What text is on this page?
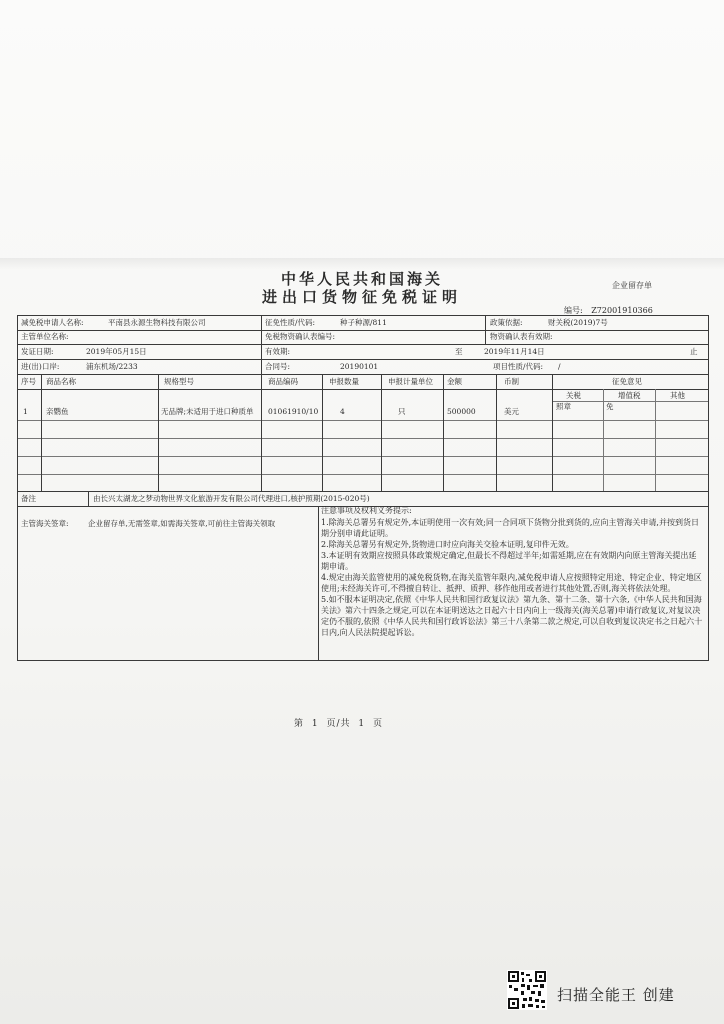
中华人民共和国海关
进出口货物征免税证明
企业留存单
编号: Z72001910366
减免税申请人名称:	平南县永源生物科技有限公司	征免性质/代码:	种子种源/811	政策依据:	财关税(2019)7号
主管单位名称:	免税物资确认表编号:	物资确认表有效期:
发证日期:	2019年05月15日	有效期:	至	2019年11月14日	止
进(出)口岸:	浦东机场/2233	合同号:	20190101	项目性质/代码: /
序号 商品名称	规格型号	商品编码	申报数量	申报计量单位 金额	币制	征免意见
关税	增值税	其他
1 亲鹦鱼	无品牌;未适用于进口种质单 01061910/10	4	只	500000	美元
照章	免
备注	由长兴太湖龙之梦动物世界文化旅游开发有限公司代理进口,核护照期(2015-020号)
主管海关签章:	企业留存单,无需签章,如需海关签章,可前往主管海关领取

注意事项及权利义务提示:

1.除海关总署另有规定外,本证明使用一次有效;同一合同项下货物分批到货的,应向主管海关申请,并按到货日期分别申请此证明。

2.除海关总署另有规定外,货物进口时应向海关交验本证明,复印件无效。

3.本证明有效期应按照具体政策规定确定,但最长不得超过半年;如需延期,应在有效期内向原主管海关提出延期申请。

4.规定由海关监管使用的减免税货物,在海关监管年限内,减免税申请人应按照特定用途、特定企业、特定地区使用;未经海关许可,不得擅自转让、抵押、质押、移作他用或者进行其他处置,否则,海关将依法处理。

5.如不服本证明决定,依照《中华人民共和国行政复议法》第九条、第十二条、第十六条,《中华人民共和国海关法》第六十四条之规定,可以在本证明送达之日起六十日内向上一级海关(海关总署)申请行政复议,对复议决定仍不服的,依照《中华人民共和国行政诉讼法》第三十八条第二款之规定,可以自收到复议决定书之日起六十日内,向人民法院提起诉讼。

第 1 页/共 1 页
扫描全能王 创建
